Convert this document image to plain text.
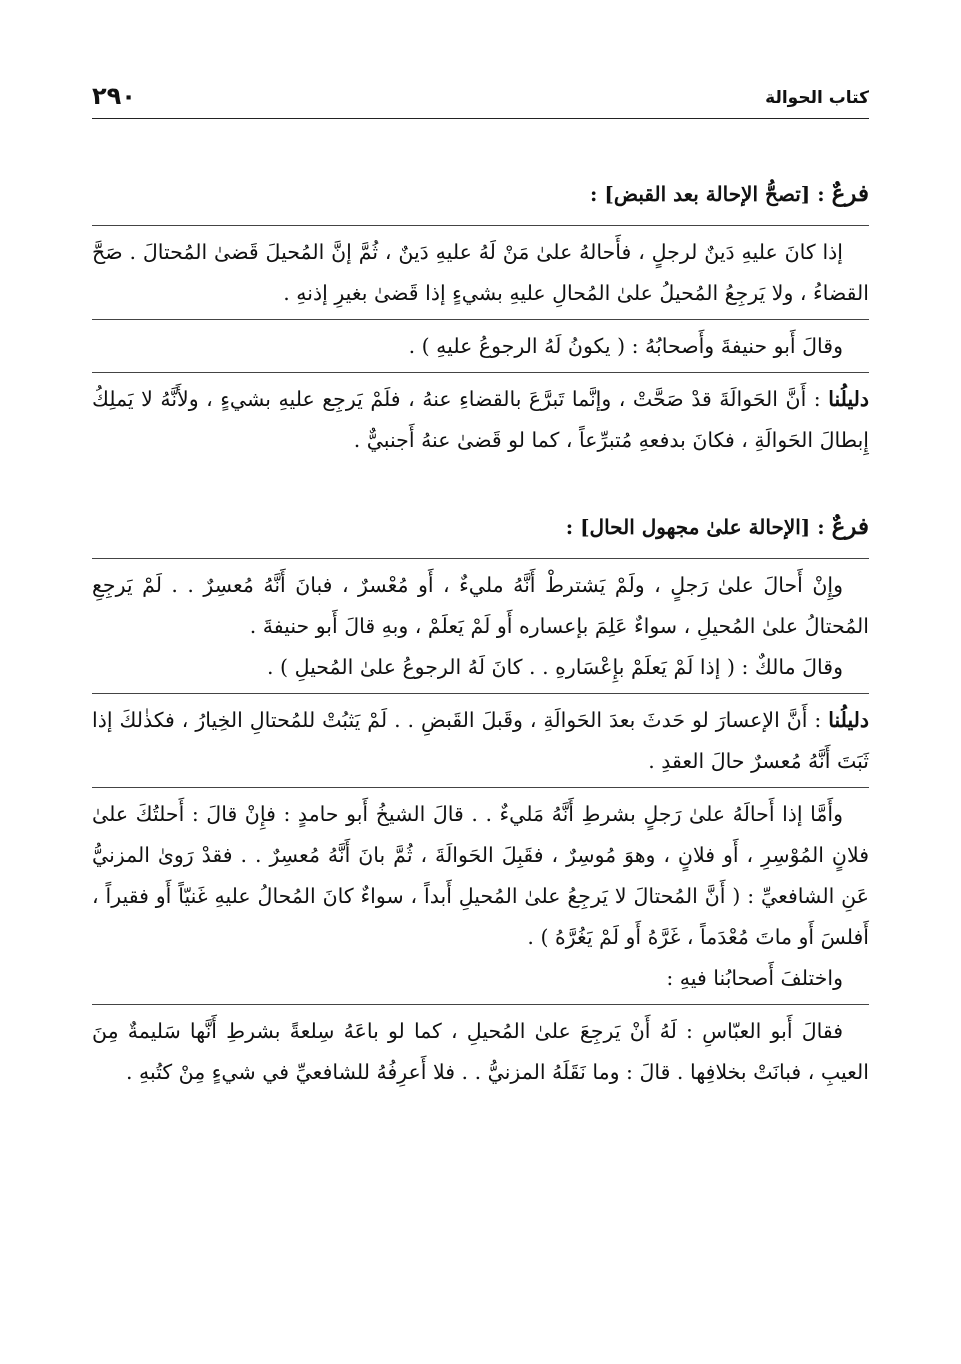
كتاب الحوالة
٢٩٠
فرعٌ : [تصحُّ الإحالة بعد القبض] :

إذا كانَ عليهِ دَينٌ لرجلٍ ، فأَحالهُ علىٰ مَنْ لَهُ عليهِ دَينٌ ، ثُمَّ إنَّ المُحيلَ قَضىٰ المُحتالَ . صَحَّ القضاءُ ، ولا يَرجِعُ المُحيلُ علىٰ المُحالِ عليهِ بشيءٍ إذا قَضىٰ بغيرِ إذنهِ .

وقالَ أَبو حنيفةَ وأَصحابُهُ : ( يكونُ لَهُ الرجوعُ عليهِ ) .

دليلُنا : أَنَّ الحَوالَةَ قدْ صَحَّتْ ، وإنَّما تَبرَّعَ بالقضاءِ عنهُ ، فلَمْ يَرجِع عليهِ بشيءٍ ، ولأَنَّهُ لا يَملِكُ إِبطالَ الحَوالَةِ ، فكانَ بدفعهِ مُتبرِّعاً ، كما لو قَضىٰ عنهُ أَجنبيٌّ .

فرعٌ : [الإحالة علىٰ مجهول الحال] :

وإِنْ أَحالَ علىٰ رَجلٍ ، ولَمْ يَشترطْ أَنَّهُ مليءٌ ، أَو مُعْسرٌ ، فبانَ أَنَّهُ مُعسِرٌ . . لَمْ يَرجِعِ المُحتالُ علىٰ المُحيلِ ، سواءٌ عَلِمَ بإعساره أَو لَمْ يَعلَمْ ، وبهِ قالَ أَبو حنيفةَ .

وقالَ مالكٌ : ( إذا لَمْ يَعلَمْ بإِعْسَارهِ . . كانَ لَهُ الرجوعُ علىٰ المُحيلِ ) .

دليلُنا : أَنَّ الإعسارَ لو حَدثَ بعدَ الحَوالَةِ ، وقَبلَ القَبضِ . . لَمْ يَثبُتْ للمُحتالِ الخِيارُ ، فكذٰلكَ إذا ثَبَتَ أَنَّهُ مُعسرٌ حالَ العقدِ .

وأَمَّا إذا أَحالَهُ علىٰ رَجلٍ بشرطِ أَنَّهُ مَليءٌ . . قالَ الشيخُ أَبو حامدٍ : فإِنْ قالَ : أَحلتُكَ علىٰ فلانٍ المُوْسِرِ ، أَو فلانٍ ، وهوَ مُوسِرٌ ، فقَبِلَ الحَوالَةَ ، ثُمَّ بانَ أَنَّهُ مُعسِرٌ . . فقدْ رَوىٰ المزنيُّ عَنِ الشافعيِّ : ( أَنَّ المُحتالَ لا يَرجِعُ علىٰ المُحيلِ أَبداً ، سواءٌ كانَ المُحالُ عليهِ غَنيّاً أَو فقيراً ، أَفلسَ أَو ماتَ مُعْدَماً ، غَرَّهُ أَو لَمْ يَغُرَّهُ ) .

واختلفَ أَصحابُنا فيهِ :

فقالَ أَبو العبّاسِ : لَهُ أَنْ يَرجِعَ علىٰ المُحيلِ ، كما لو باعَهُ سِلعةً بشرطِ أَنَّها سَليمةٌ مِنَ العيبِ ، فبانَتْ بخلافِها . قالَ : وما نَقَلَهُ المزنيُّ . . فلا أَعرِفُهُ للشافعيِّ في شيءٍ مِنْ كتُبهِ .
